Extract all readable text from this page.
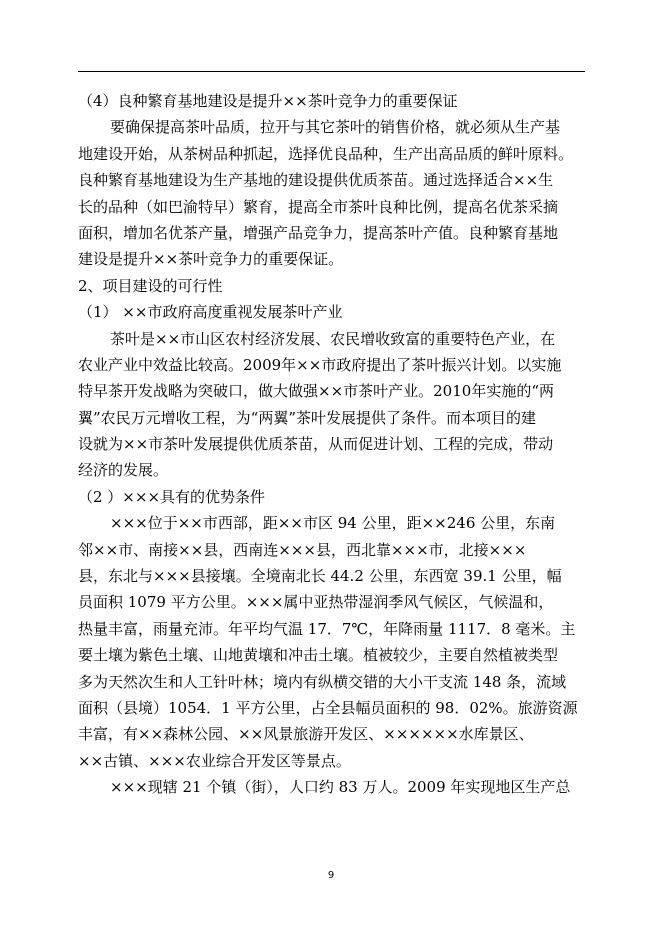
（4）良种繁育基地建设是提升××茶叶竞争力的重要保证
要确保提高茶叶品质，拉开与其它茶叶的销售价格，就必须从生产基
地建设开始，从茶树品种抓起，选择优良品种，生产出高品质的鲜叶原料。
良种繁育基地建设为生产基地的建设提供优质茶苗。通过选择适合××生
长的品种（如巴渝特早）繁育，提高全市茶叶良种比例，提高名优茶采摘
面积，增加名优茶产量，增强产品竞争力，提高茶叶产值。良种繁育基地
建设是提升××茶叶竞争力的重要保证。
2、项目建设的可行性
（1） ××市政府高度重视发展茶叶产业
茶叶是××市山区农村经济发展、农民增收致富的重要特色产业，在
农业产业中效益比较高。2009年××市政府提出了茶叶振兴计划。以实施
特早茶开发战略为突破口，做大做强××市茶叶产业。2010年实施的“两
翼”农民万元增收工程，为“两翼”茶叶发展提供了条件。而本项目的建
设就为××市茶叶发展提供优质茶苗，从而促进计划、工程的完成，带动
经济的发展。
（2 ）×××具有的优势条件
×××位于××市西部，距××市区 94 公里，距××246 公里，东南
邻××市、南接××县，西南连×××县，西北靠×××市，北接×××
县，东北与×××县接壤。全境南北长 44.2 公里，东西宽 39.1 公里，幅
员面积 1079 平方公里。×××属中亚热带湿润季风气候区，气候温和，
热量丰富，雨量充沛。年平均气温 17．7℃，年降雨量 1117．8 毫米。主
要土壤为紫色土壤、山地黄壤和冲击土壤。植被较少，主要自然植被类型
多为天然次生和人工针叶林；境内有纵横交错的大小干支流 148 条，流域
面积（县境）1054．1 平方公里，占全县幅员面积的 98．02%。旅游资源
丰富，有××森林公园、××风景旅游开发区、××××××水库景区、
××古镇、×××农业综合开发区等景点。
×××现辖 21 个镇（街），人口约 83 万人。2009 年实现地区生产总
9
